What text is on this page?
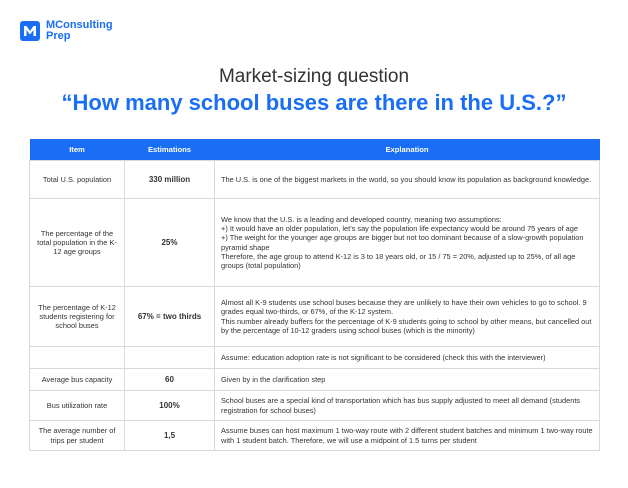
MConsulting
Prep
Market-sizing question
“How many school buses are there in the U.S.?”
Item	Estimations	Explanation
Total U.S. population	330 million	The U.S. is one of the biggest markets in the world, so you should know its population as background knowledge.

The percentage of the total population in the K-12 age groups	25%	We know that the U.S. is a leading and developed country, meaning two assumptions:

+) It would have an older population, let's say the population life expectancy would be around 75 years of age

+) The weight for the younger age groups are bigger but not too dominant because of a slow-growth population pyramid shape

Therefore, the age group to attend K-12 is 3 to 18 years old, or 15 / 75 = 20%, adjusted up to 25%, of all age groups (total population)

The percentage of K-12 students registering for school buses	67% = two thirds	Almost all K-9 students use school buses because they are unlikely to have their own vehicles to go to school. 9 grades equal two-thirds, or 67%, of the K-12 system.

This number already buffers for the percentage of K-9 students going to school by other means, but cancelled out by the percentage of 10-12 graders using school buses (which is the minority)

		Assume: education adoption rate is not significant to be considered (check this with the interviewer)

Average bus capacity	60	Given by in the clarification step

Bus utilization rate	100%	School buses are a special kind of transportation which has bus supply adjusted to meet all demand (students registration for school buses)

The average number of trips per student	1,5	Assume buses can host maximum 1 two-way route with 2 different student batches and minimum 1 two-way route with 1 student batch. Therefore, we will use a midpoint of 1.5 turns per student
